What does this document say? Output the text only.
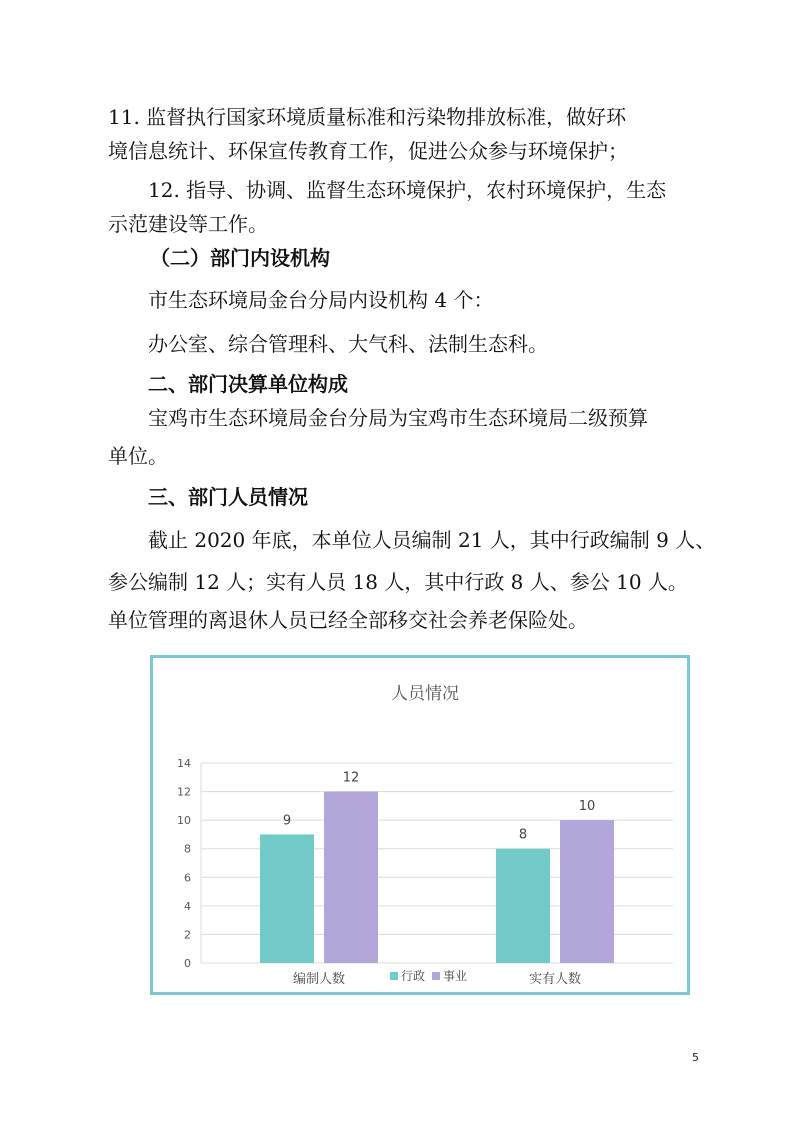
11. 监督执行国家环境质量标准和污染物排放标准，做好环
境信息统计、环保宣传教育工作，促进公众参与环境保护；
12. 指导、协调、监督生态环境保护，农村环境保护，生态
示范建设等工作。
（二）部门内设机构
市生态环境局金台分局内设机构 4 个：
办公室、综合管理科、大气科、法制生态科。
二、部门决算单位构成
宝鸡市生态环境局金台分局为宝鸡市生态环境局二级预算
单位。
三、部门人员情况
截止 2020 年底，本单位人员编制 21 人，其中行政编制 9 人、
参公编制 12 人；实有人员 18 人，其中行政 8 人、参公 10 人。
单位管理的离退休人员已经全部移交社会养老保险处。
人员情况
0
2
4
6
8
10
12
14
9
12
编制人数
8
10
实有人数
行政 事业
5
